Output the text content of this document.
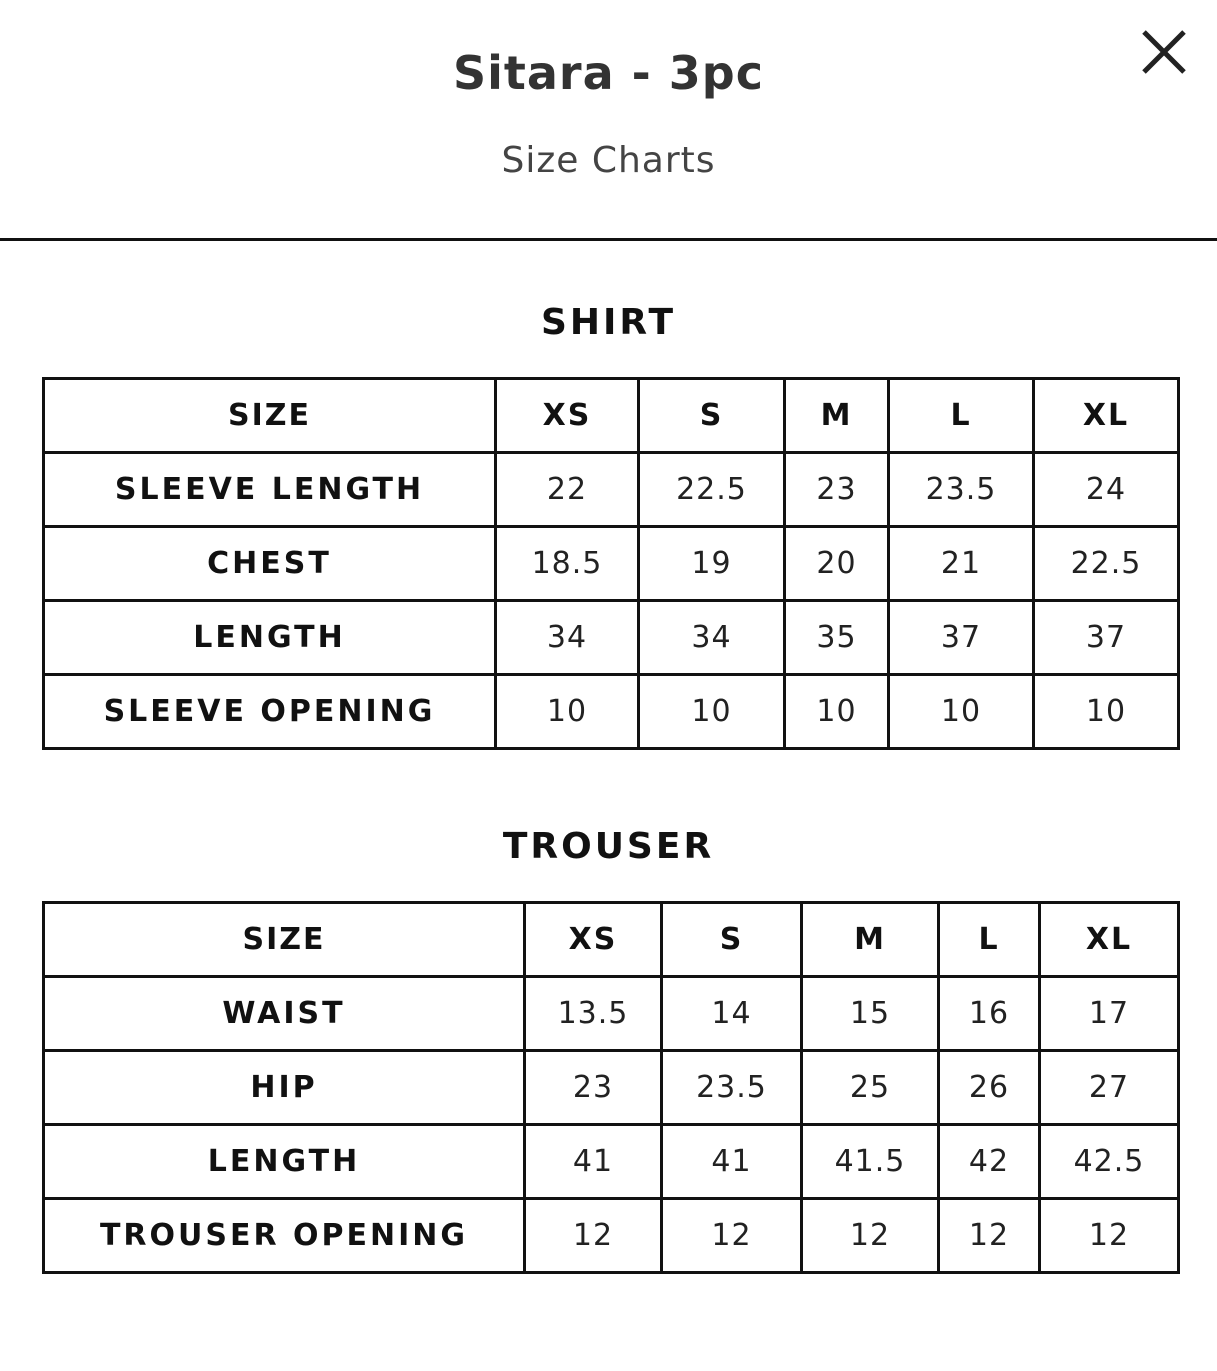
Sitara - 3pc
Size Charts
SHIRT
SIZE	XS	S	M	L	XL
SLEEVE LENGTH	22	22.5	23	23.5	24
CHEST	18.5	19	20	21	22.5
LENGTH	34	34	35	37	37
SLEEVE OPENING	10	10	10	10	10
TROUSER
SIZE	XS	S	M	L	XL
WAIST	13.5	14	15	16	17
HIP	23	23.5	25	26	27
LENGTH	41	41	41.5	42	42.5
TROUSER OPENING	12	12	12	12	12
